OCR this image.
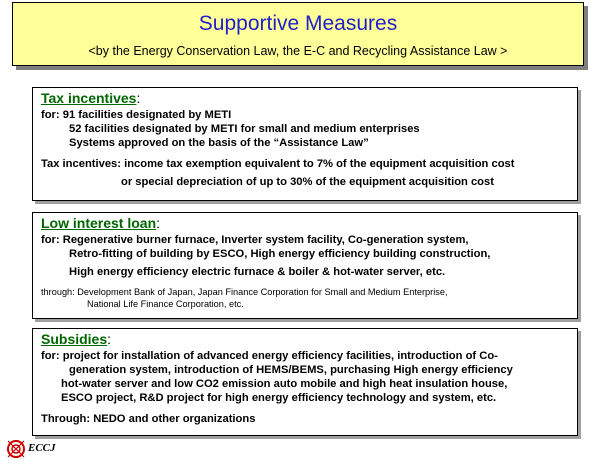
Supportive Measures
<by the Energy Conservation Law, the E-C and Recycling Assistance Law >
Tax incentives:
for: 91 facilities designated by METI
52 facilities designated by METI for small and medium enterprises
Systems approved on the basis of the “Assistance Law”
Tax incentives: income tax exemption equivalent to 7% of the equipment acquisition cost
or special depreciation of up to 30% of the equipment acquisition cost
Low interest loan:
for: Regenerative burner furnace, Inverter system facility, Co-generation system,
Retro-fitting of building by ESCO, High energy efficiency building construction,
High energy efficiency electric furnace & boiler & hot-water server, etc.
through: Development Bank of Japan, Japan Finance Corporation for Small and Medium Enterprise,
National Life Finance Corporation, etc.
Subsidies:
for: project for installation of advanced energy efficiency facilities, introduction of Co-
generation system, introduction of HEMS/BEMS, purchasing High energy efficiency
hot-water server and low CO2 emission auto mobile and high heat insulation house,
ESCO project, R&D project for high energy efficiency technology and system, etc.
Through: NEDO and other organizations
ECCJ
